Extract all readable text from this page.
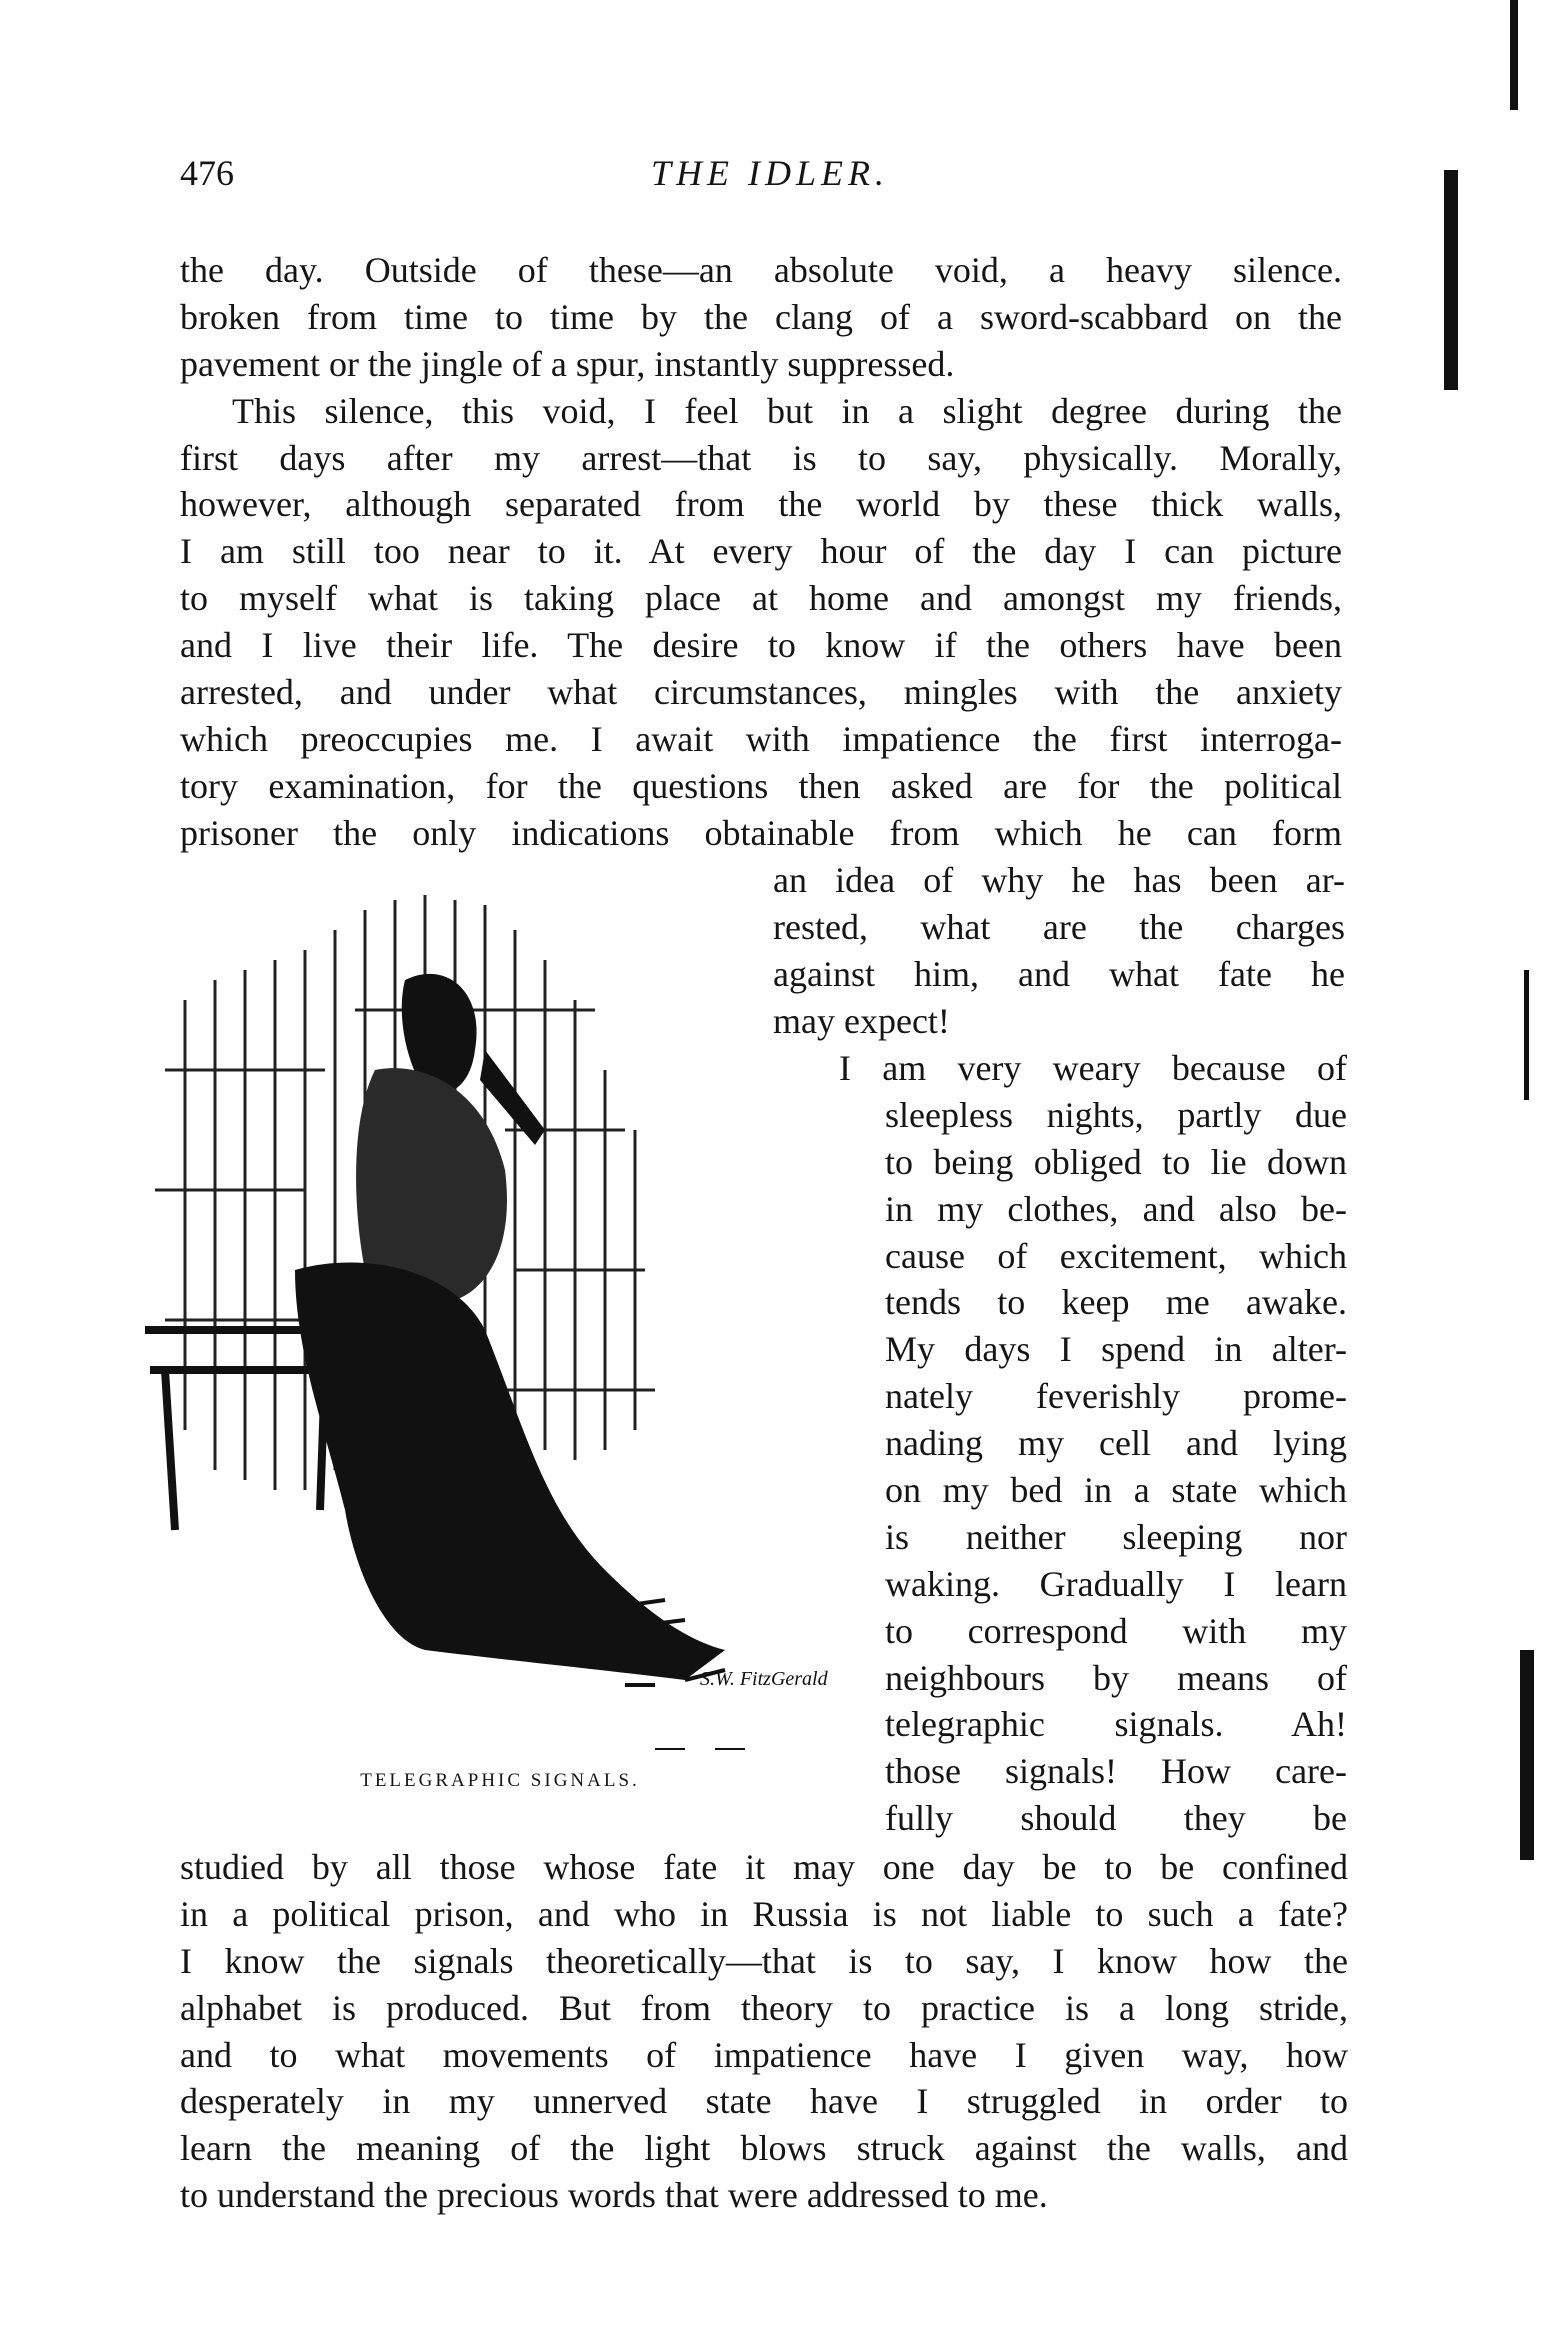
476	THE IDLER.
the day. Outside of these—an absolute void, a heavy silence.
broken from time to time by the clang of a sword-scabbard on the
pavement or the jingle of a spur, instantly suppressed.
This silence, this void, I feel but in a slight degree during the
first days after my arrest—that is to say, physically. Morally,
however, although separated from the world by these thick walls,
I am still too near to it. At every hour of the day I can picture
to myself what is taking place at home and amongst my friends,
and I live their life. The desire to know if the others have been
arrested, and under what circumstances, mingles with the anxiety
which preoccupies me. I await with impatience the first interroga-
tory examination, for the questions then asked are for the political
prisoner the only indications obtainable from which he can form
an idea of why he has been ar-
rested, what are the charges
against him, and what fate he
may expect!
I am very weary because of
sleepless nights, partly due
to being obliged to lie down
in my clothes, and also be-
cause of excitement, which
tends to keep me awake.
My days I spend in alter-
nately feverishly prome-
nading my cell and lying
on my bed in a state which
is neither sleeping nor
waking. Gradually I learn
to correspond with my
neighbours by means of
telegraphic signals. Ah!
those signals! How care-
fully should they be
studied by all those whose fate it may one day be to be confined
in a political prison, and who in Russia is not liable to such a fate?
I know the signals theoretically—that is to say, I know how the
alphabet is produced. But from theory to practice is a long stride,
and to what movements of impatience have I given way, how
desperately in my unnerved state have I struggled in order to
learn the meaning of the light blows struck against the walls, and
to understand the precious words that were addressed to me.
S.W. FitzGerald
TELEGRAPHIC SIGNALS.
